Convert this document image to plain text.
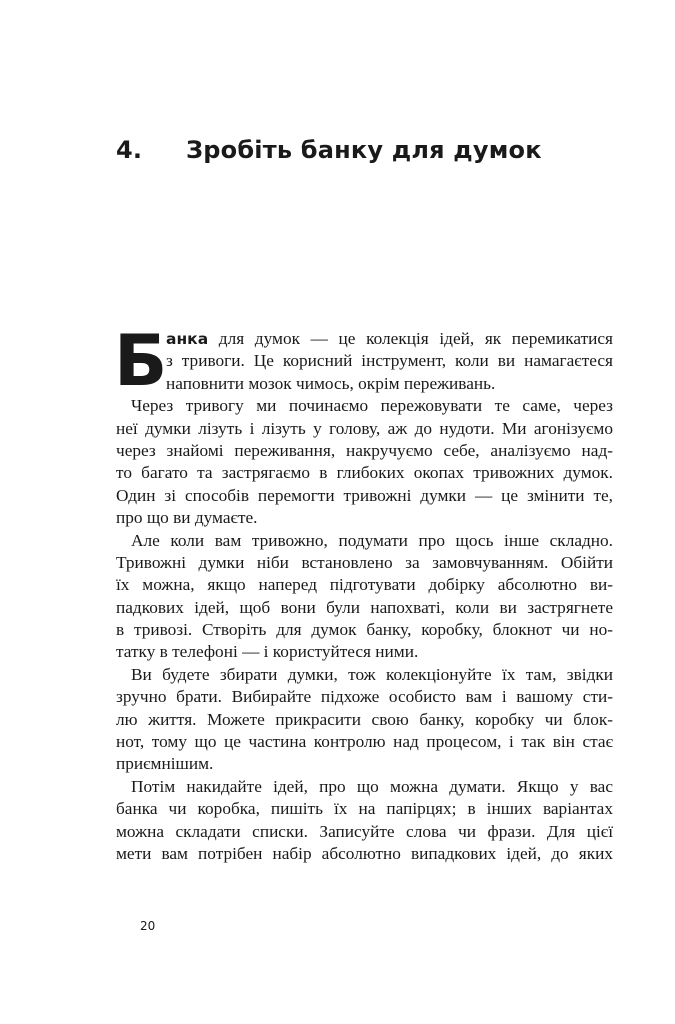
4. Зробіть банку для думок
Б
анка для думок — це колекція ідей, як перемикатися
з тривоги. Це корисний інструмент, коли ви намагаєтеся
наповнити мозок чимось, окрім переживань.
Через тривогу ми починаємо пережовувати те саме, через
неї думки лізуть і лізуть у голову, аж до нудоти. Ми агонізуємо
через знайомі переживання, накручуємо себе, аналізуємо над-
то багато та застрягаємо в глибоких окопах тривожних думок.
Один зі способів перемогти тривожні думки — це змінити те,
про що ви думаєте.
Але коли вам тривожно, подумати про щось інше складно.
Тривожні думки ніби встановлено за замовчуванням. Обійти
їх можна, якщо наперед підготувати добірку абсолютно ви-
падкових ідей, щоб вони були напохваті, коли ви застрягнете
в тривозі. Створіть для думок банку, коробку, блокнот чи но-
татку в телефоні — і користуйтеся ними.
Ви будете збирати думки, тож колекціонуйте їх там, звідки
зручно брати. Вибирайте підхоже особисто вам і вашому сти-
лю життя. Можете прикрасити свою банку, коробку чи блок-
нот, тому що це частина контролю над процесом, і так він стає
приємнішим.
Потім накидайте ідей, про що можна думати. Якщо у вас
банка чи коробка, пишіть їх на папірцях; в інших варіантах
можна складати списки. Записуйте слова чи фрази. Для цієї
мети вам потрібен набір абсолютно випадкових ідей, до яких
20
